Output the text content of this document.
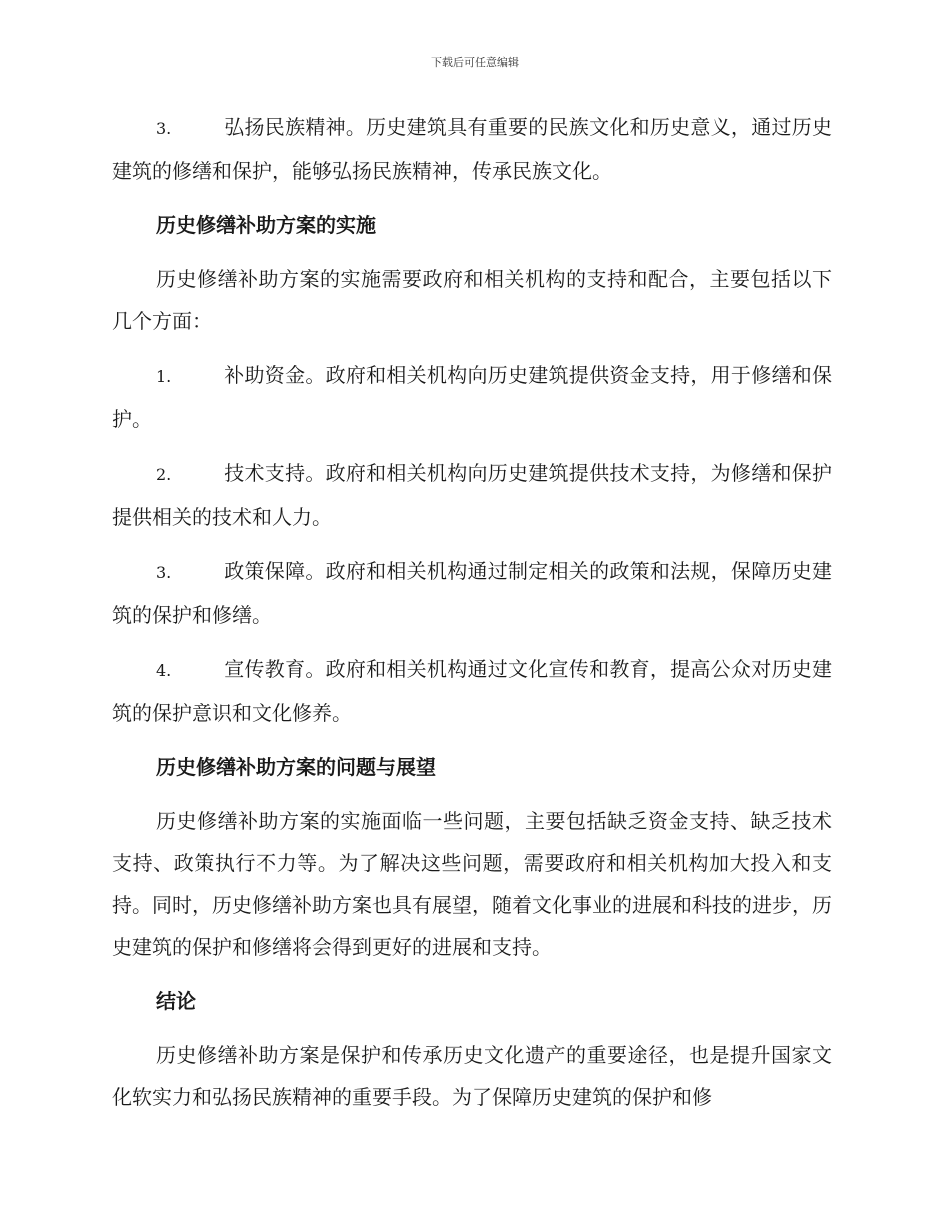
下载后可任意编辑

3.	弘扬民族精神。历史建筑具有重要的民族文化和历史意义，通过历史建筑的修缮和保护，能够弘扬民族精神，传承民族文化。

历史修缮补助方案的实施

历史修缮补助方案的实施需要政府和相关机构的支持和配合，主要包括以下几个方面：

1.	补助资金。政府和相关机构向历史建筑提供资金支持，用于修缮和保护。

2.	技术支持。政府和相关机构向历史建筑提供技术支持，为修缮和保护提供相关的技术和人力。

3.	政策保障。政府和相关机构通过制定相关的政策和法规，保障历史建筑的保护和修缮。

4.	宣传教育。政府和相关机构通过文化宣传和教育，提高公众对历史建筑的保护意识和文化修养。

历史修缮补助方案的问题与展望

历史修缮补助方案的实施面临一些问题，主要包括缺乏资金支持、缺乏技术支持、政策执行不力等。为了解决这些问题，需要政府和相关机构加大投入和支持。同时，历史修缮补助方案也具有展望，随着文化事业的进展和科技的进步，历史建筑的保护和修缮将会得到更好的进展和支持。

结论

历史修缮补助方案是保护和传承历史文化遗产的重要途径，也是提升国家文化软实力和弘扬民族精神的重要手段。为了保障历史建筑的保护和修
